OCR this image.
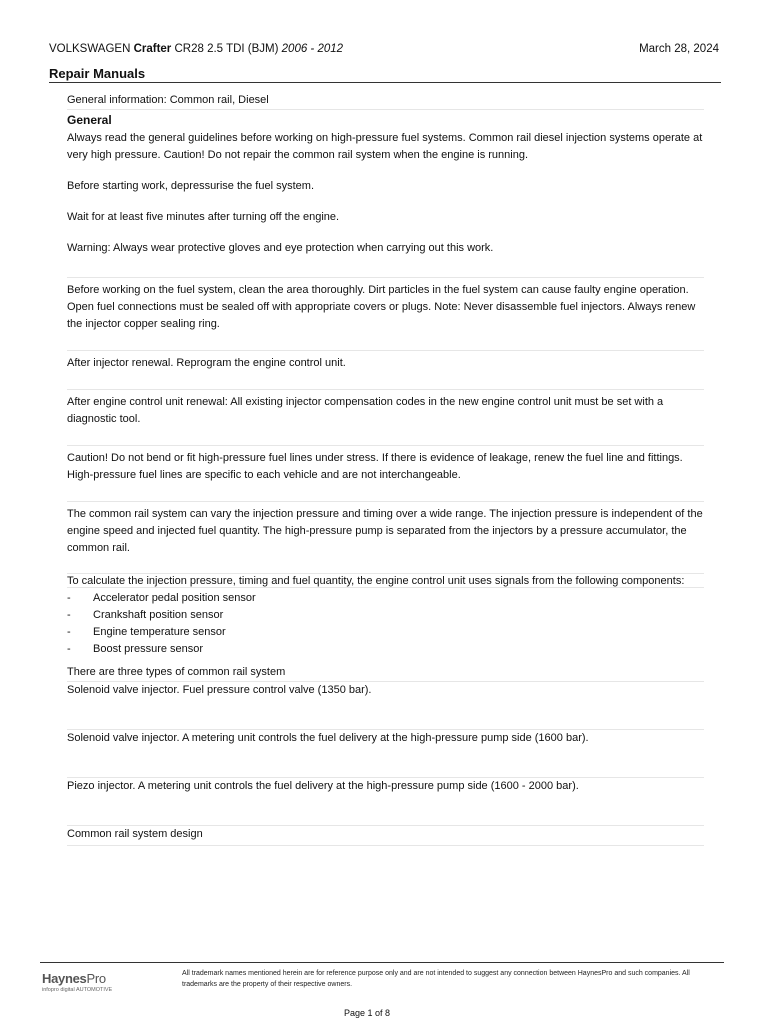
VOLKSWAGEN Crafter CR28 2.5 TDI (BJM) 2006 - 2012	March 28, 2024
Repair Manuals

General information: Common rail, Diesel

General

Always read the general guidelines before working on high-pressure fuel systems. Common rail diesel injection systems operate at very high pressure. Caution! Do not repair the common rail system when the engine is running.

Before starting work, depressurise the fuel system.

Wait for at least five minutes after turning off the engine.

Warning: Always wear protective gloves and eye protection when carrying out this work.

Before working on the fuel system, clean the area thoroughly. Dirt particles in the fuel system can cause faulty engine operation. Open fuel connections must be sealed off with appropriate covers or plugs. Note: Never disassemble fuel injectors. Always renew the injector copper sealing ring.

After injector renewal. Reprogram the engine control unit.

After engine control unit renewal: All existing injector compensation codes in the new engine control unit must be set with a diagnostic tool.

Caution! Do not bend or fit high-pressure fuel lines under stress. If there is evidence of leakage, renew the fuel line and fittings. High-pressure fuel lines are specific to each vehicle and are not interchangeable.

The common rail system can vary the injection pressure and timing over a wide range. The injection pressure is independent of the engine speed and injected fuel quantity. The high-pressure pump is separated from the injectors by a pressure accumulator, the common rail.

To calculate the injection pressure, timing and fuel quantity, the engine control unit uses signals from the following components:

-	Accelerator pedal position sensor
-	Crankshaft position sensor
-	Engine temperature sensor
-	Boost pressure sensor

There are three types of common rail system

Solenoid valve injector. Fuel pressure control valve (1350 bar).

Solenoid valve injector. A metering unit controls the fuel delivery at the high-pressure pump side (1600 bar).

Piezo injector. A metering unit controls the fuel delivery at the high-pressure pump side (1600 - 2000 bar).

Common rail system design

HaynesPro
infopro digital AUTOMOTIVE
All trademark names mentioned herein are for reference purpose only and are not intended to suggest any connection between HaynesPro and such companies. All trademarks are the property of their respective owners.
Page 1 of 8
